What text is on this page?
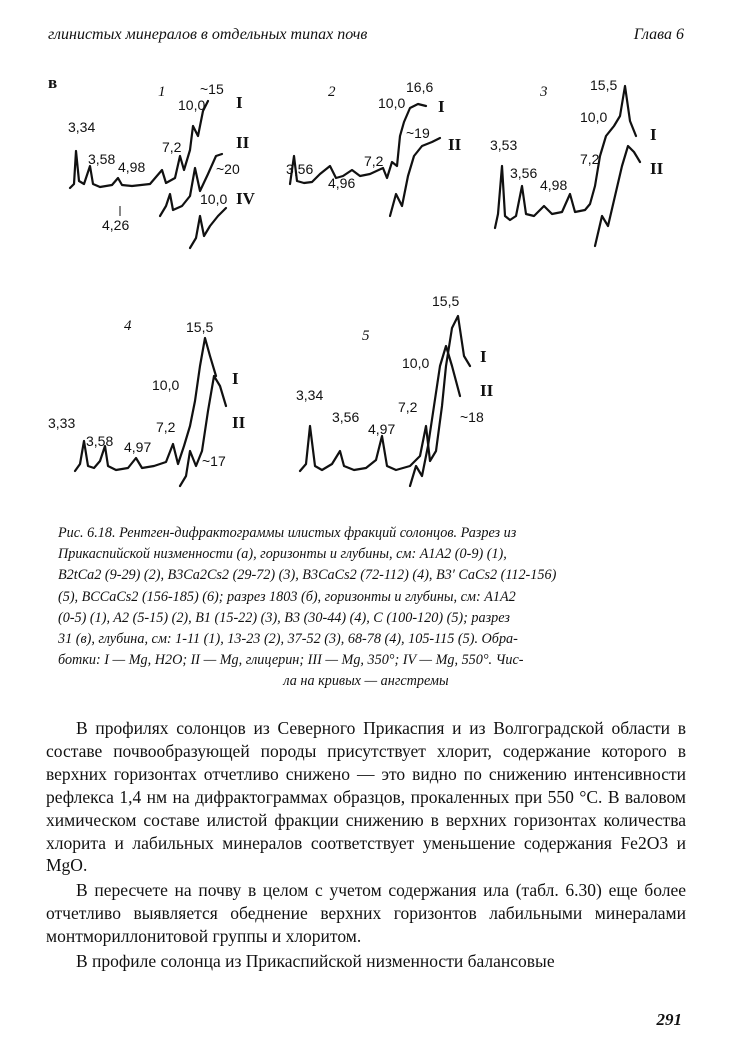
глинистых минералов в отдельных типах почв	Глава 6
в	1
3,34
3,58 4,98
4,26
7,2
10,0
~15
~20
10,0
I
II
IV
2
3,56
4,96
7,2
10,0
16,6
~19
I
II
3
3,53
3,56
4,98
7,2
10,0
15,5
I
II
4
3,33
3,58 4,97
7,2
10,0
15,5
~17
I
II
5
3,34
3,56
4,97
7,2
10,0
15,5
~18
I
II
Рис. 6.18. Рентген-дифрактограммы илистых фракций солонцов. Разрез из
Прикаспийской низменности (а), горизонты и глубины, см: A1A2 (0-9) (1),
B2tCa2 (9-29) (2), B3Ca2Cs2 (29-72) (3), B3CaCs2 (72-112) (4), B3′ CaCs2 (112-156)
(5), BCCaCs2 (156-185) (6); разрез 1803 (б), горизонты и глубины, см: A1A2
(0-5) (1), A2 (5-15) (2), B1 (15-22) (3), B3 (30-44) (4), C (100-120) (5); разрез
31 (в), глубина, см: 1-11 (1), 13-23 (2), 37-52 (3), 68-78 (4), 105-115 (5). Обра-
ботки: I — Mg, H2O; II — Mg, глицерин; III — Mg, 350°; IV — Mg, 550°. Чис-
ла на кривых — ангстремы

В профилях солонцов из Северного Прикаспия и из Волгоградской области в составе почвообразующей породы присутствует хлорит, содержание которого в верхних горизонтах отчетливо снижено — это видно по снижению интенсивности рефлекса 1,4 нм на дифрактограммах образцов, прокаленных при 550 °С. В валовом химическом составе илистой фракции снижению в верхних горизонтах количества хлорита и лабильных минералов соответствует уменьшение содержания Fe2O3 и MgO.

В пересчете на почву в целом с учетом содержания ила (табл. 6.30) еще более отчетливо выявляется обеднение верхних горизонтов лабильными минералами монтмориллонитовой группы и хлоритом.

В профиле солонца из Прикаспийской низменности балансовые

291
